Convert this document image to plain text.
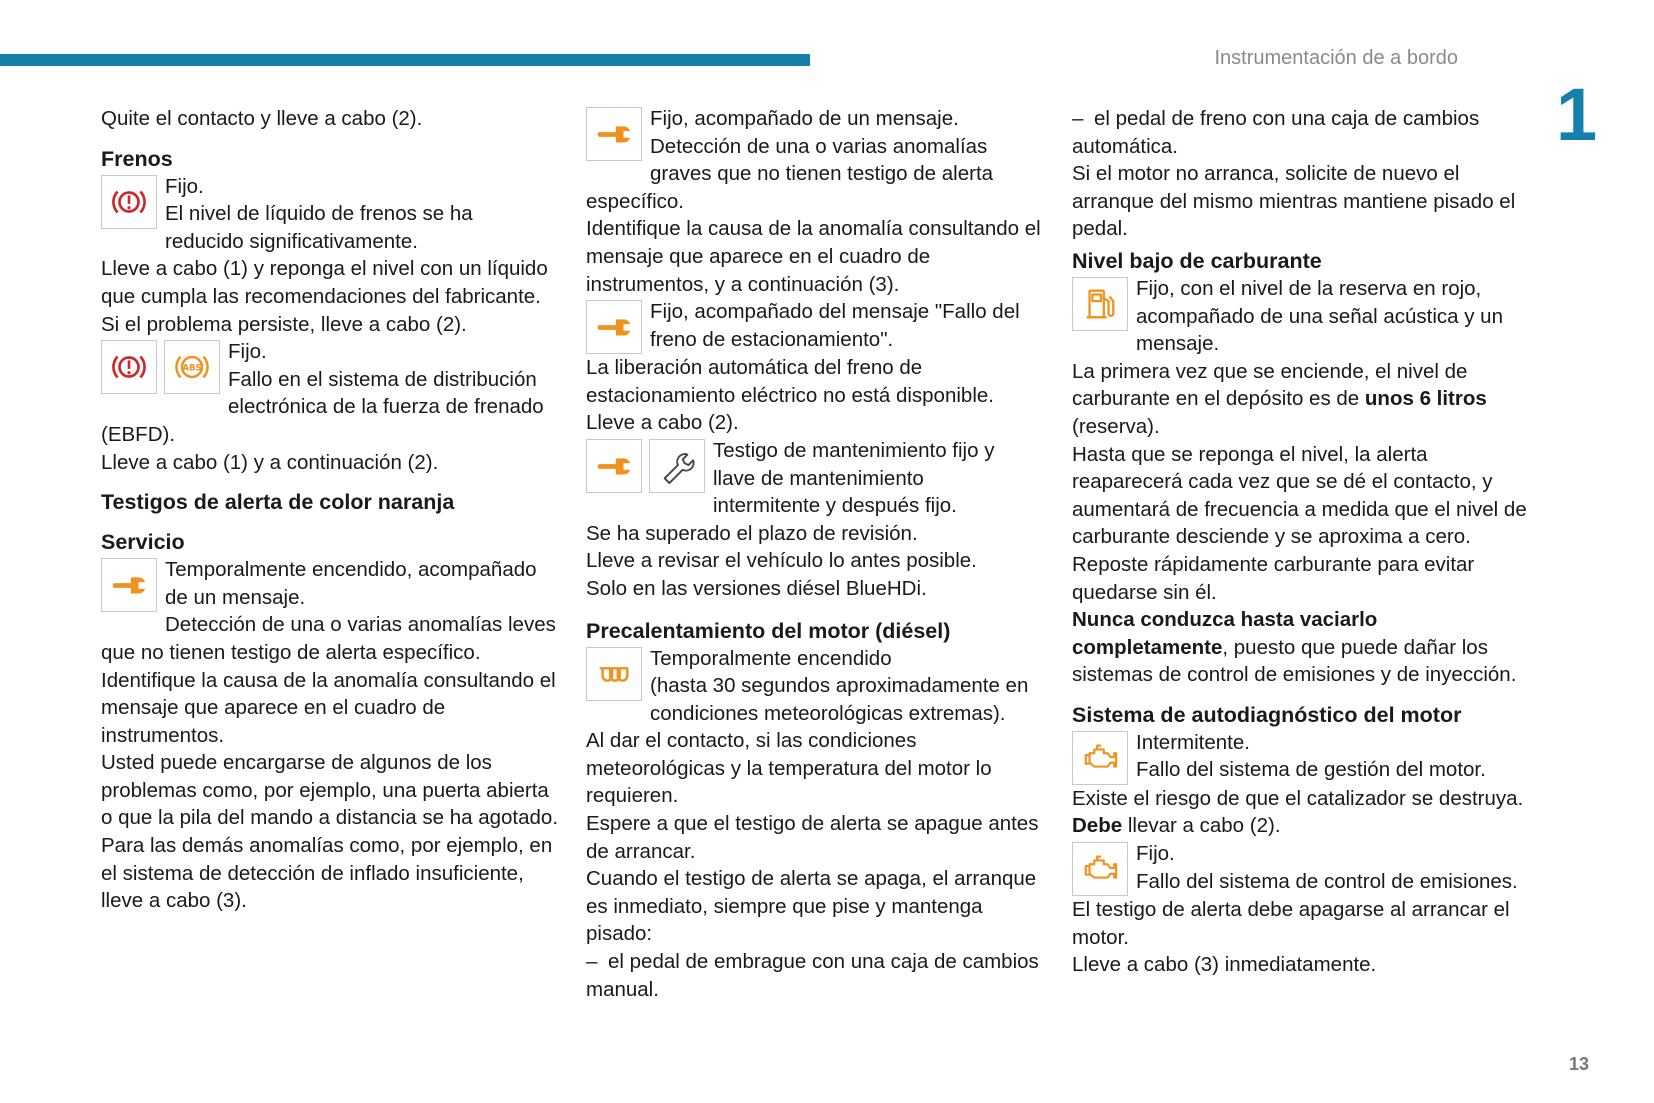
Instrumentación de a bordo
1
13

Quite el contacto y lleve a cabo (2).

Frenos

Fijo.

El nivel de líquido de frenos se ha

reducido significativamente.

Lleve a cabo (1) y reponga el nivel con un líquido que cumpla las recomendaciones del fabricante. Si el problema persiste, lleve a cabo (2).

ABS

Fijo.

Fallo en el sistema de distribución

electrónica de la fuerza de frenado (EBFD).

Lleve a cabo (1) y a continuación (2).

Testigos de alerta de color naranja
Servicio

Temporalmente encendido, acompañado

de un mensaje.

Detección de una o varias anomalías leves que no tienen testigo de alerta específico.

Identifique la causa de la anomalía consultando el mensaje que aparece en el cuadro de instrumentos.

Usted puede encargarse de algunos de los problemas como, por ejemplo, una puerta abierta o que la pila del mando a distancia se ha agotado.

Para las demás anomalías como, por ejemplo, en el sistema de detección de inflado insuficiente, lleve a cabo (3).

Fijo, acompañado de un mensaje.

Detección de una o varias anomalías

graves que no tienen testigo de alerta específico.

Identifique la causa de la anomalía consultando el mensaje que aparece en el cuadro de instrumentos, y a continuación (3).

Fijo, acompañado del mensaje "Fallo del

freno de estacionamiento".

La liberación automática del freno de estacionamiento eléctrico no está disponible.

Lleve a cabo (2).

Testigo de mantenimiento fijo y

llave de mantenimiento

intermitente y después fijo.

Se ha superado el plazo de revisión.

Lleve a revisar el vehículo lo antes posible.

Solo en las versiones diésel BlueHDi.

Precalentamiento del motor (diésel)

Temporalmente encendido

(hasta 30 segundos aproximadamente en

condiciones meteorológicas extremas).

Al dar el contacto, si las condiciones meteorológicas y la temperatura del motor lo requieren.

Espere a que el testigo de alerta se apague antes de arrancar.

Cuando el testigo de alerta se apaga, el arranque es inmediato, siempre que pise y mantenga pisado:

– el pedal de embrague con una caja de cambios manual.

– el pedal de freno con una caja de cambios automática.

Si el motor no arranca, solicite de nuevo el arranque del mismo mientras mantiene pisado el pedal.

Nivel bajo de carburante

Fijo, con el nivel de la reserva en rojo,

acompañado de una señal acústica y un

mensaje.

La primera vez que se enciende, el nivel de carburante en el depósito es de unos 6 litros (reserva).

Hasta que se reponga el nivel, la alerta reaparecerá cada vez que se dé el contacto, y aumentará de frecuencia a medida que el nivel de carburante desciende y se aproxima a cero.

Reposte rápidamente carburante para evitar quedarse sin él.

Nunca conduzca hasta vaciarlo completamente, puesto que puede dañar los sistemas de control de emisiones y de inyección.

Sistema de autodiagnóstico del motor

Intermitente.

Fallo del sistema de gestión del motor.

Existe el riesgo de que el catalizador se destruya.

Debe llevar a cabo (2).

Fijo.

Fallo del sistema de control de emisiones.

El testigo de alerta debe apagarse al arrancar el motor.

Lleve a cabo (3) inmediatamente.
